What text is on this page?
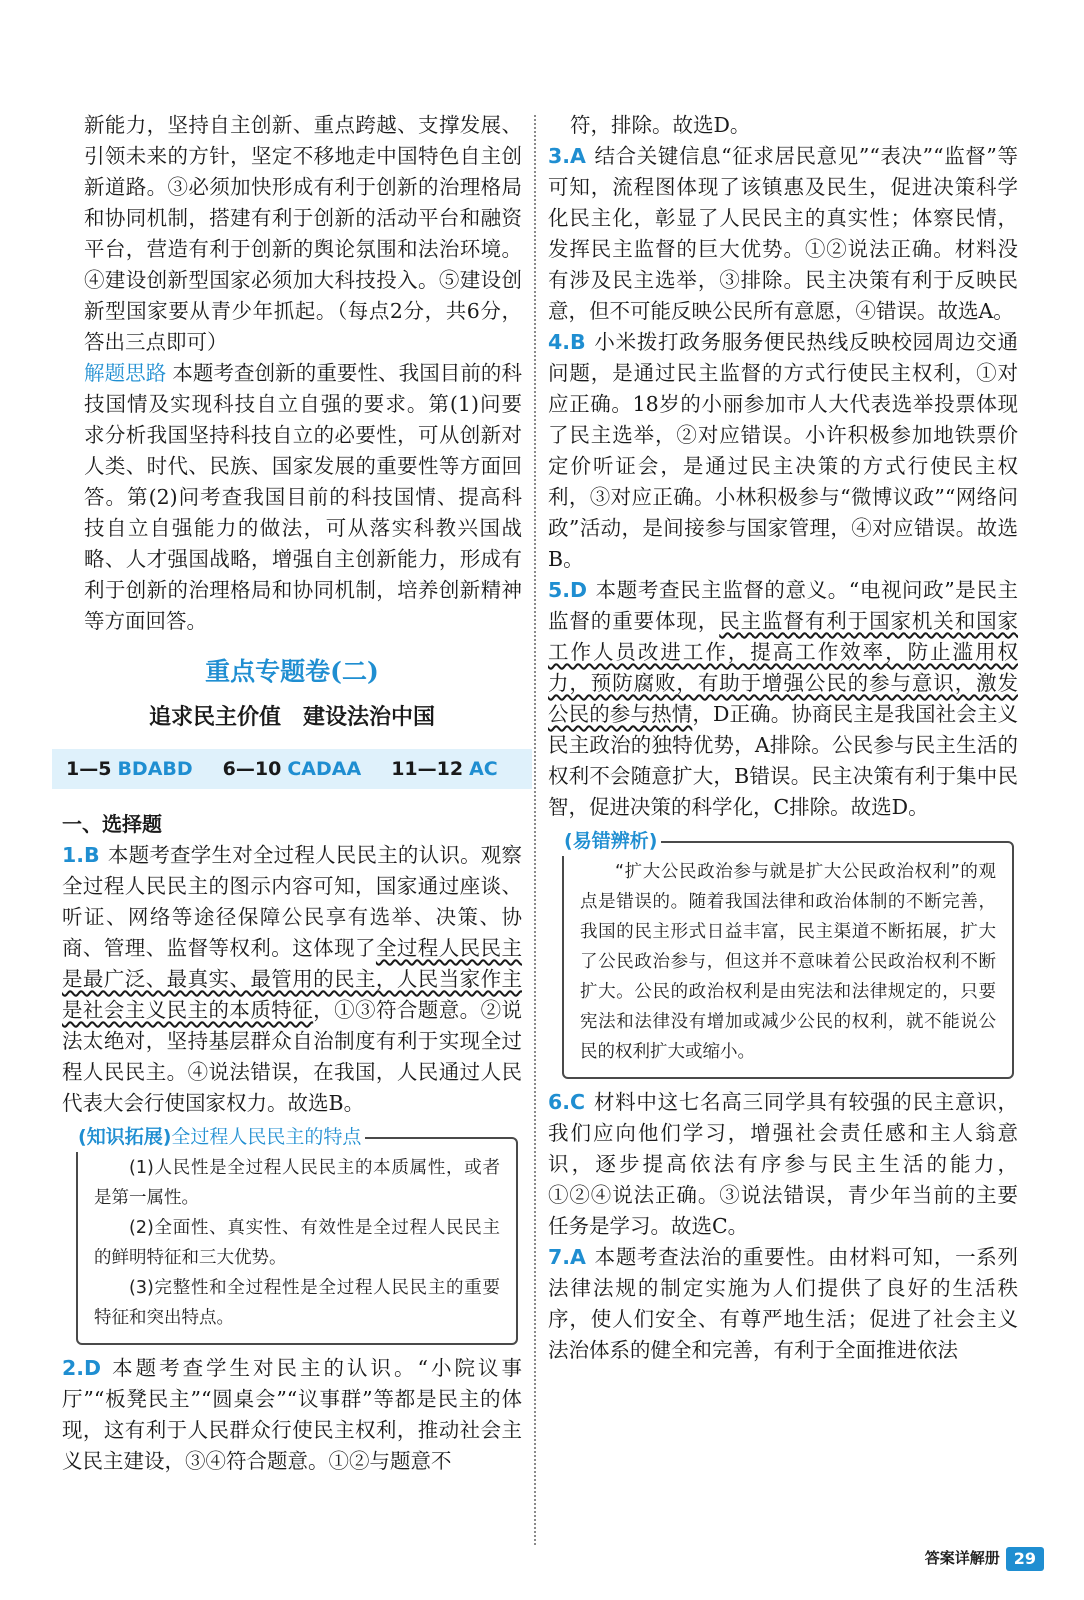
新能力，坚持自主创新、重点跨越、支撑发展、引领未来的方针，坚定不移地走中国特色自主创新道路。③必须加快形成有利于创新的治理格局和协同机制，搭建有利于创新的活动平台和融资平台，营造有利于创新的舆论氛围和法治环境。④建设创新型国家必须加大科技投入。⑤建设创新型国家要从青少年抓起。（每点2分，共6分，答出三点即可）

解题思路 本题考查创新的重要性、我国目前的科技国情及实现科技自立自强的要求。第(1)问要求分析我国坚持科技自立的必要性，可从创新对人类、时代、民族、国家发展的重要性等方面回答。第(2)问考查我国目前的科技国情、提高科技自立自强能力的做法，可从落实科教兴国战略、人才强国战略，增强自主创新能力，形成有利于创新的治理格局和协同机制，培养创新精神等方面回答。

重点专题卷(二)
追求民主价值　建设法治中国
1—5 BDABD 6—10 CADAA 11—12 AC
一、选择题

1.B 本题考查学生对全过程人民民主的认识。观察全过程人民民主的图示内容可知，国家通过座谈、听证、网络等途径保障公民享有选举、决策、协商、管理、监督等权利。这体现了全过程人民民主是最广泛、最真实、最管用的民主，人民当家作主是社会主义民主的本质特征，①③符合题意。②说法太绝对，坚持基层群众自治制度有利于实现全过程人民民主。④说法错误，在我国，人民通过人民代表大会行使国家权力。故选B。

(知识拓展)全过程人民民主的特点

(1)人民性是全过程人民民主的本质属性，或者是第一属性。

(2)全面性、真实性、有效性是全过程人民民主的鲜明特征和三大优势。

(3)完整性和全过程性是全过程人民民主的重要特征和突出特点。

2.D 本题考查学生对民主的认识。“小院议事厅”“板凳民主”“圆桌会”“议事群”等都是民主的体现，这有利于人民群众行使民主权利，推动社会主义民主建设，③④符合题意。①②与题意不

符，排除。故选D。

3.A 结合关键信息“征求居民意见”“表决”“监督”等可知，流程图体现了该镇惠及民生，促进决策科学化民主化，彰显了人民民主的真实性；体察民情，发挥民主监督的巨大优势。①②说法正确。材料没有涉及民主选举，③排除。民主决策有利于反映民意，但不可能反映公民所有意愿，④错误。故选A。

4.B 小米拨打政务服务便民热线反映校园周边交通问题，是通过民主监督的方式行使民主权利，①对应正确。18岁的小丽参加市人大代表选举投票体现了民主选举，②对应错误。小许积极参加地铁票价定价听证会，是通过民主决策的方式行使民主权利，③对应正确。小林积极参与“微博议政”“网络问政”活动，是间接参与国家管理，④对应错误。故选B。

5.D 本题考查民主监督的意义。“电视问政”是民主监督的重要体现，民主监督有利于国家机关和国家工作人员改进工作，提高工作效率，防止滥用权力，预防腐败，有助于增强公民的参与意识，激发公民的参与热情，D正确。协商民主是我国社会主义民主政治的独特优势，A排除。公民参与民主生活的权利不会随意扩大，B错误。民主决策有利于集中民智，促进决策的科学化，C排除。故选D。

(易错辨析)

“扩大公民政治参与就是扩大公民政治权利”的观点是错误的。随着我国法律和政治体制的不断完善，我国的民主形式日益丰富，民主渠道不断拓展，扩大了公民政治参与，但这并不意味着公民政治权利不断扩大。公民的政治权利是由宪法和法律规定的，只要宪法和法律没有增加或减少公民的权利，就不能说公民的权利扩大或缩小。

6.C 材料中这七名高三同学具有较强的民主意识，我们应向他们学习，增强社会责任感和主人翁意识，逐步提高依法有序参与民主生活的能力，①②④说法正确。③说法错误，青少年当前的主要任务是学习。故选C。

7.A 本题考查法治的重要性。由材料可知，一系列法律法规的制定实施为人们提供了良好的生活秩序，使人们安全、有尊严地生活；促进了社会主义法治体系的健全和完善，有利于全面推进依法

答案详解册 29
